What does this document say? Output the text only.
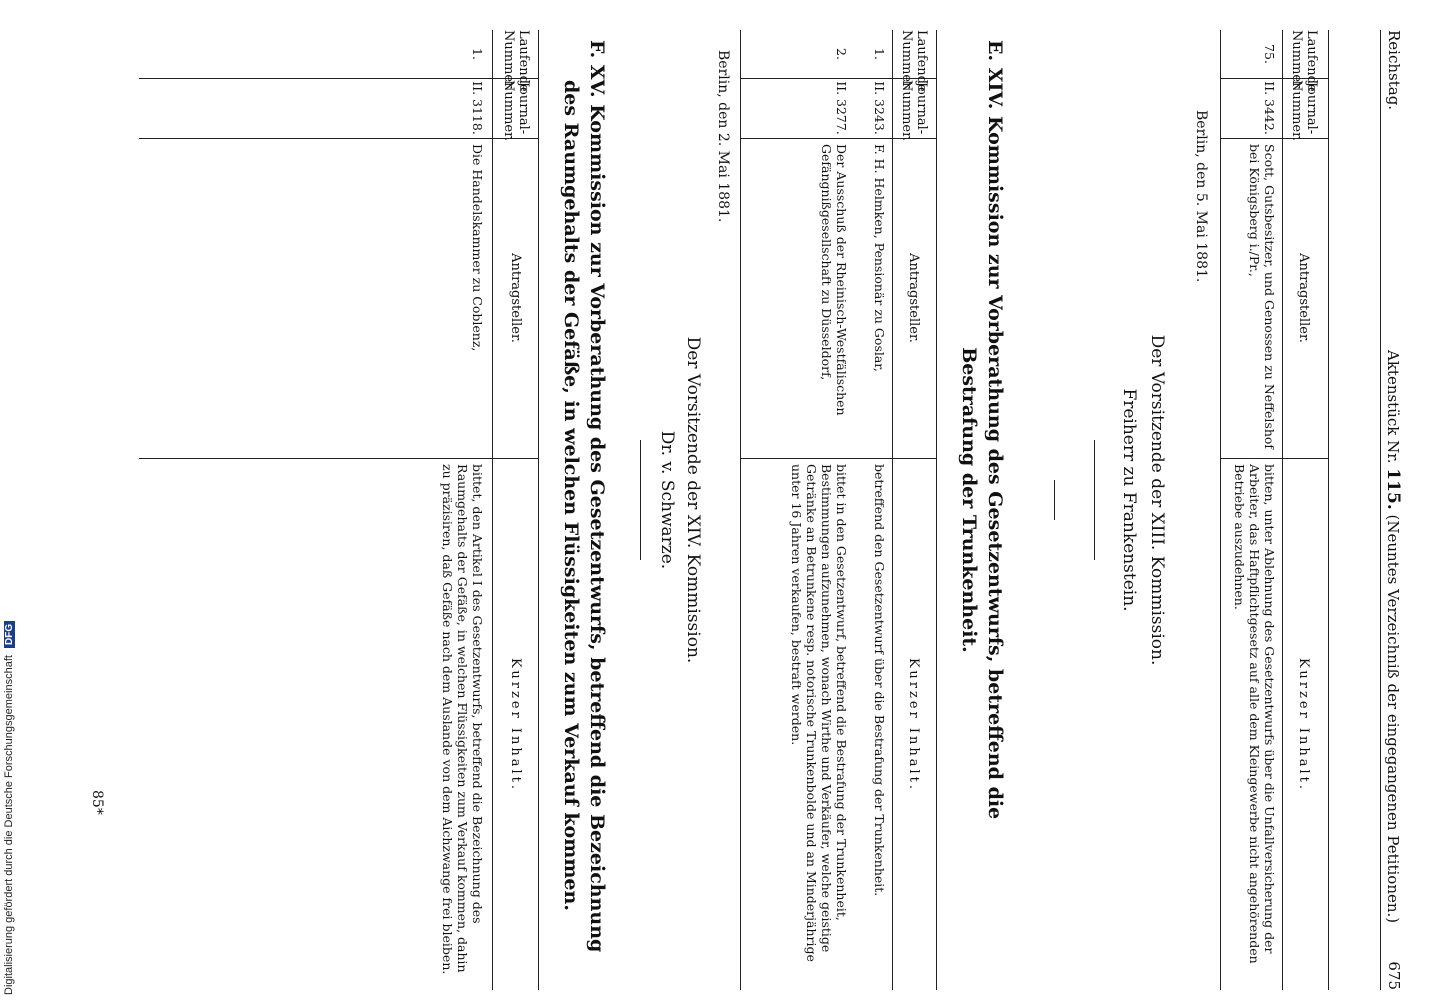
Digitalisierung gefördert durch die Deutsche Forschungsgemeinschaft DFG
Reichstag.
Aktenstück Nr. 115. (Neuntes Verzeichniß der eingegangenen Petitionen.)
675
Laufende Nummer.
Journal-Nummer.
Antragsteller.
Kurzer Inhalt.
75.
II. 3442.
Scott, Gutsbesitzer, und Genossen zu Neffelshof bei Königsberg i./Pr.,
bitten, unter Ablehnung des Gesetzentwurfs über die Unfallversicherung der Arbeiter, das Haftpflichtgesetz auf alle dem Kleingewerbe nicht angehörenden Betriebe auszudehnen.
Berlin, den 5. Mai 1881.
Der Vorsitzende der XIII. Kommission.
Freiherr zu Frankenstein.
E. XIV. Kommission zur Vorberathung des Gesetzentwurfs, betreffend die
Bestrafung der Trunkenheit.
Laufende Nummer.
Journal-Nummer.
Antragsteller.
Kurzer Inhalt.
1.
II. 3243.
F. H. Helmken, Pensionär zu Goslar,
betreffend den Gesetzentwurf über die Bestrafung der Trunkenheit.
2.
II. 3277.
Der Ausschuß der Rheinisch-Westfälischen Gefängnißgesellschaft zu Düsseldorf,
bittet in den Gesetzentwurf, betreffend die Bestrafung der Trunkenheit, Bestimmungen aufzunehmen, wonach Wirthe und Verkäufer, welche geistige Getränke an Betrunkene resp. notorische Trunkenbolde und an Minderjährige unter 16 Jahren verkaufen, bestraft werden.
Berlin, den 2. Mai 1881.
Der Vorsitzende der XIV. Kommission.
Dr. v. Schwarze.
F. XV. Kommission zur Vorberathung des Gesetzentwurfs, betreffend die Bezeichnung
des Raumgehalts der Gefäße, in welchen Flüssigkeiten zum Verkauf kommen.
Laufende Nummer.
Journal-Nummer.
Antragsteller.
Kurzer Inhalt.
1.
II. 3118.
Die Handelskammer zu Coblenz,
bittet, den Artikel I des Gesetzentwurfs, betreffend die Bezeichnung des Raumgehalts der Gefäße, in welchen Flüssigkeiten zum Verkauf kommen, dahin zu präzisiren, daß Gefäße nach dem Auslande von dem Aichzwange frei bleiben.
85*
